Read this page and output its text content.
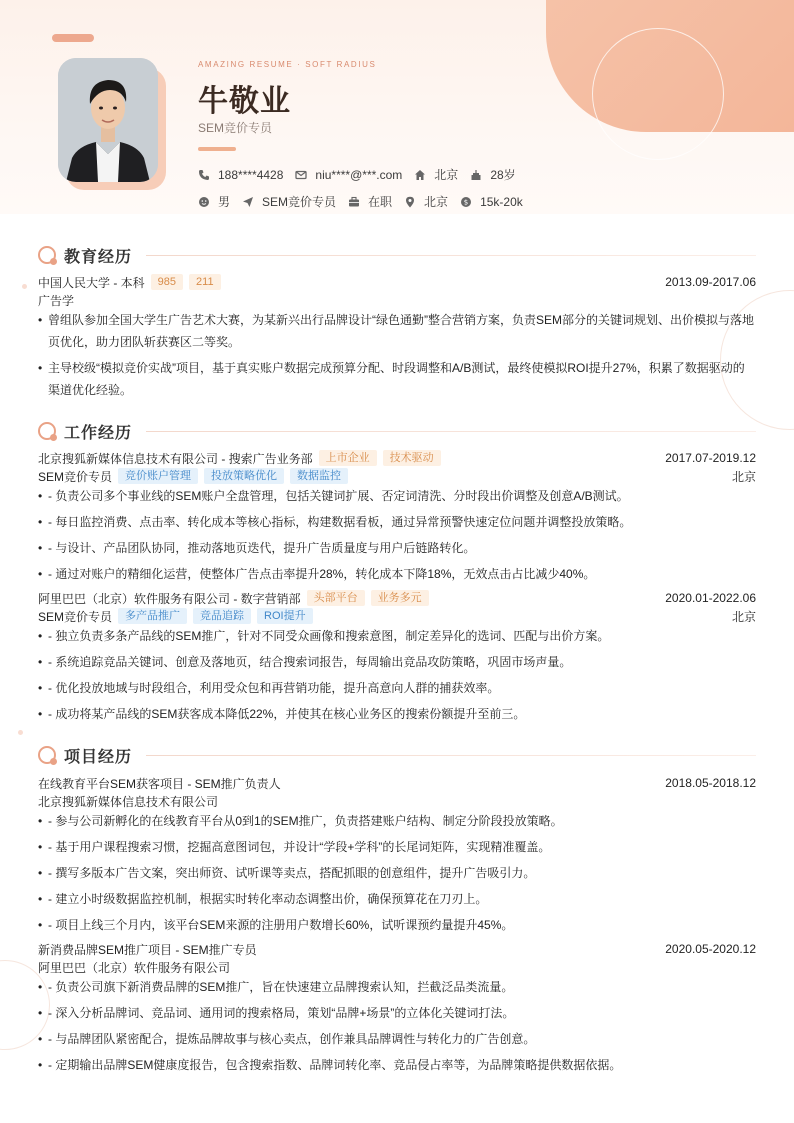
AMAZING RESUME · SOFT RADIUS
牛敬业
SEM竞价专员
188****4428	niu****@***.com	北京	28岁
男	SEM竞价专员	在职	北京 $ 15k-20k
教育经历
中国人民大学 - 本科	985	211	2013.09-2017.06
广告学
• 曾组队参加全国大学生广告艺术大赛，为某新兴出行品牌设计“绿色通勤”整合营销方案，负责SEM部分的关键词规划、出价模拟与落地页优化，助力团队斩获赛区二等奖。
• 主导校级“模拟竞价实战”项目，基于真实账户数据完成预算分配、时段调整和A/B测试，最终使模拟ROI提升27%，积累了数据驱动的渠道优化经验。
工作经历
北京搜狐新媒体信息技术有限公司 - 搜索广告业务部	上市企业	技术驱动	2017.07-2019.12
SEM竞价专员	竞价账户管理	投放策略优化	数据监控	北京
• - 负责公司多个事业线的SEM账户全盘管理，包括关键词扩展、否定词清洗、分时段出价调整及创意A/B测试。
• - 每日监控消费、点击率、转化成本等核心指标，构建数据看板，通过异常预警快速定位问题并调整投放策略。
• - 与设计、产品团队协同，推动落地页迭代，提升广告质量度与用户后链路转化。
• - 通过对账户的精细化运营，使整体广告点击率提升28%，转化成本下降18%，无效点击占比减少40%。
阿里巴巴（北京）软件服务有限公司 - 数字营销部	头部平台	业务多元	2020.01-2022.06
SEM竞价专员	多产品推广	竞品追踪	ROI提升	北京
• - 独立负责多条产品线的SEM推广，针对不同受众画像和搜索意图，制定差异化的选词、匹配与出价方案。
• - 系统追踪竞品关键词、创意及落地页，结合搜索词报告，每周输出竞品攻防策略，巩固市场声量。
• - 优化投放地域与时段组合，利用受众包和再营销功能，提升高意向人群的捕获效率。
• - 成功将某产品线的SEM获客成本降低22%，并使其在核心业务区的搜索份额提升至前三。
项目经历
在线教育平台SEM获客项目 - SEM推广负责人	2018.05-2018.12
北京搜狐新媒体信息技术有限公司
• - 参与公司新孵化的在线教育平台从0到1的SEM推广，负责搭建账户结构、制定分阶段投放策略。
• - 基于用户课程搜索习惯，挖掘高意图词包，并设计“学段+学科”的长尾词矩阵，实现精准覆盖。
• - 撰写多版本广告文案，突出师资、试听课等卖点，搭配抓眼的创意组件，提升广告吸引力。
• - 建立小时级数据监控机制，根据实时转化率动态调整出价，确保预算花在刀刃上。
• - 项目上线三个月内，该平台SEM来源的注册用户数增长60%，试听课预约量提升45%。
新消费品牌SEM推广项目 - SEM推广专员	2020.05-2020.12
阿里巴巴（北京）软件服务有限公司
• - 负责公司旗下新消费品牌的SEM推广，旨在快速建立品牌搜索认知，拦截泛品类流量。
• - 深入分析品牌词、竞品词、通用词的搜索格局，策划“品牌+场景”的立体化关键词打法。
• - 与品牌团队紧密配合，提炼品牌故事与核心卖点，创作兼具品牌调性与转化力的广告创意。
• - 定期输出品牌SEM健康度报告，包含搜索指数、品牌词转化率、竞品侵占率等，为品牌策略提供数据依据。
